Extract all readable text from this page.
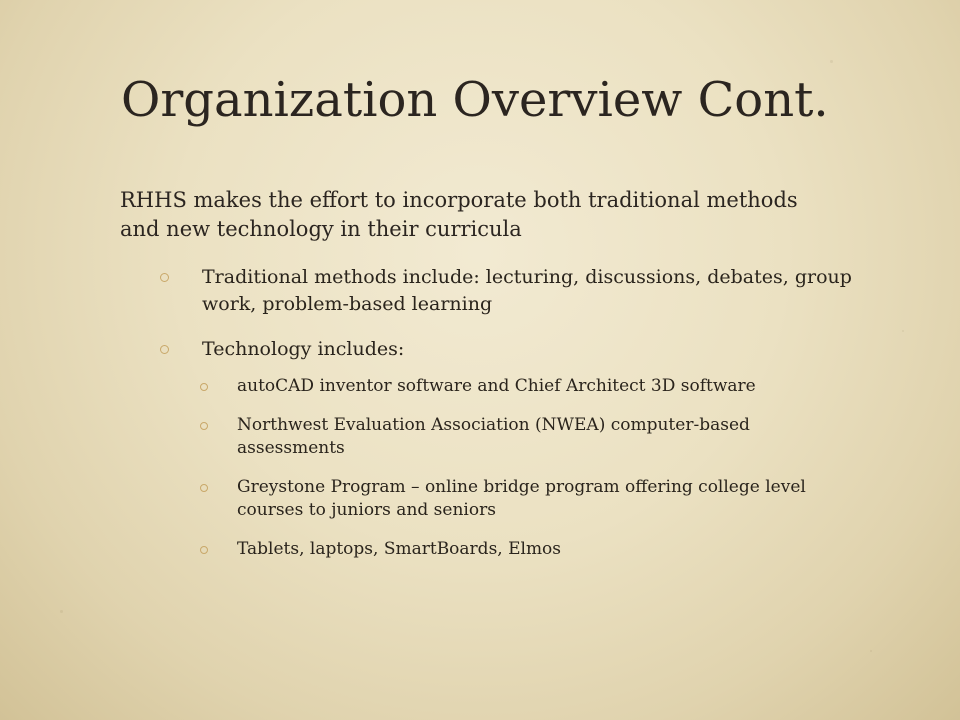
Organization Overview Cont.

RHHS makes the effort to incorporate both traditional methods and new technology in their curricula

Traditional methods include: lecturing, discussions, debates, group work, problem-based learning
Technology includes:
autoCAD inventor software and Chief Architect 3D software
Northwest Evaluation Association (NWEA) computer-based assessments
Greystone Program – online bridge program offering college level courses to juniors and seniors
Tablets, laptops, SmartBoards, Elmos
